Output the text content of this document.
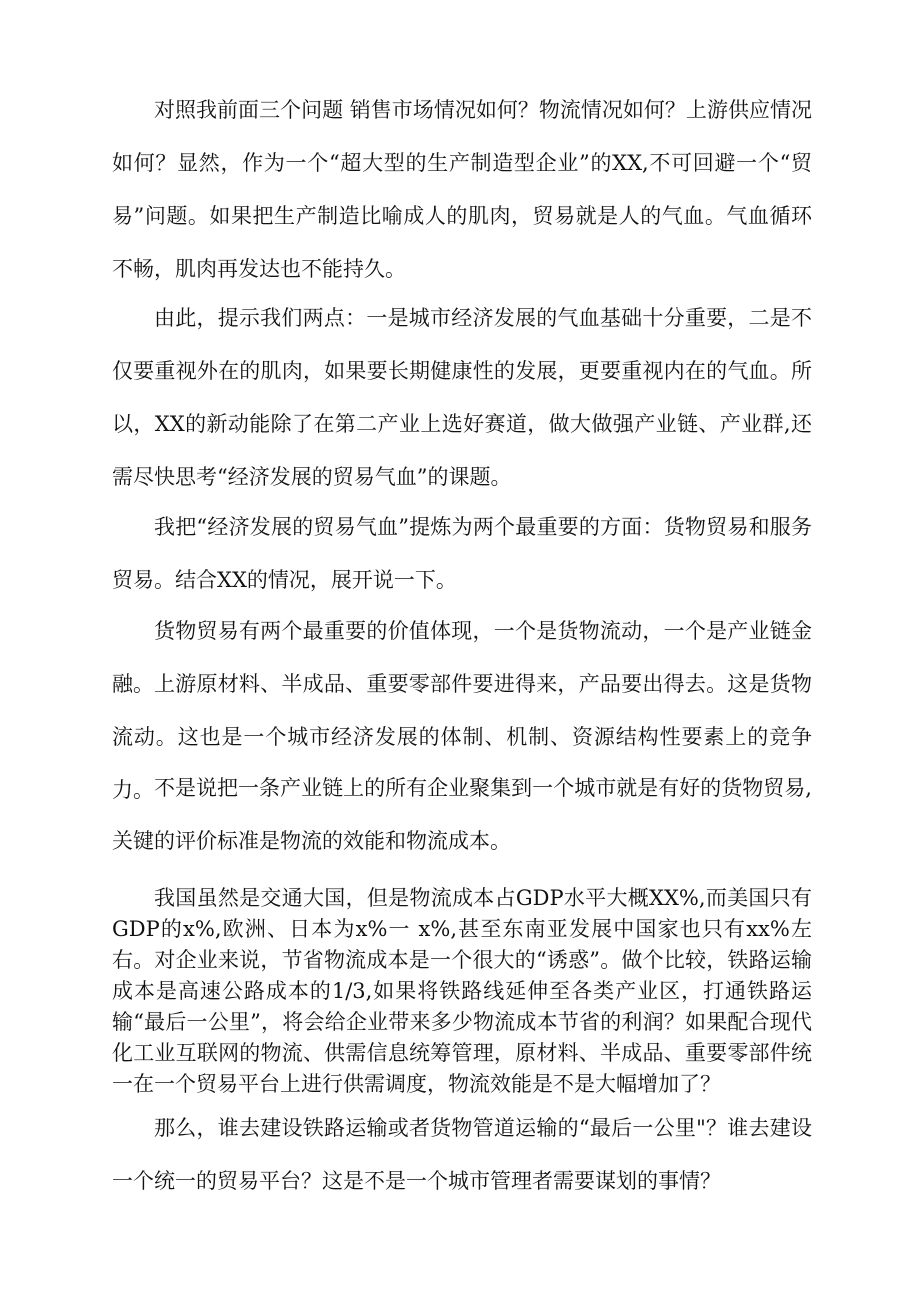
对照我前面三个问题 销售市场情况如何？物流情况如何？上游供应情况如何？显然，作为一个“超大型的生产制造型企业”的XX,不可回避一个“贸易”问题。如果把生产制造比喻成人的肌肉，贸易就是人的气血。气血循环不畅，肌肉再发达也不能持久。

由此，提示我们两点：一是城市经济发展的气血基础十分重要，二是不仅要重视外在的肌肉，如果要长期健康性的发展，更要重视内在的气血。所以，XX的新动能除了在第二产业上选好赛道，做大做强产业链、产业群,还需尽快思考“经济发展的贸易气血”的课题。

我把“经济发展的贸易气血”提炼为两个最重要的方面：货物贸易和服务贸易。结合XX的情况，展开说一下。

货物贸易有两个最重要的价值体现，一个是货物流动，一个是产业链金融。 上游原材料、半成品、重要零部件要进得来，产品要出得去。这是货物流动。这也是一个城市经济发展的体制、机制、资源结构性要素上的竞争力。 不是说把一条产业链上的所有企业聚集到一个城市就是有好的货物贸易,关键的评价标准是物流的效能和物流成本。

我国虽然是交通大国，但是物流成本占GDP水平大概XX%,而美国只有GDP的x%,欧洲、日本为x%一 x%,甚至东南亚发展中国家也只有xx%左右。对企业来说，节省物流成本是一个很大的“诱惑”。做个比较，铁路运输成本是高速公路成本的1/3,如果将铁路线延伸至各类产业区，打通铁路运输“最后一公里”，将会给企业带来多少物流成本节省的利润？如果配合现代化工业互联网的物流、供需信息统筹管理，原材料、半成品、重要零部件统一在一个贸易平台上进行供需调度，物流效能是不是大幅增加了？

那么，谁去建设铁路运输或者货物管道运输的“最后一公里"？谁去建设一个统一的贸易平台？这是不是一个城市管理者需要谋划的事情？
